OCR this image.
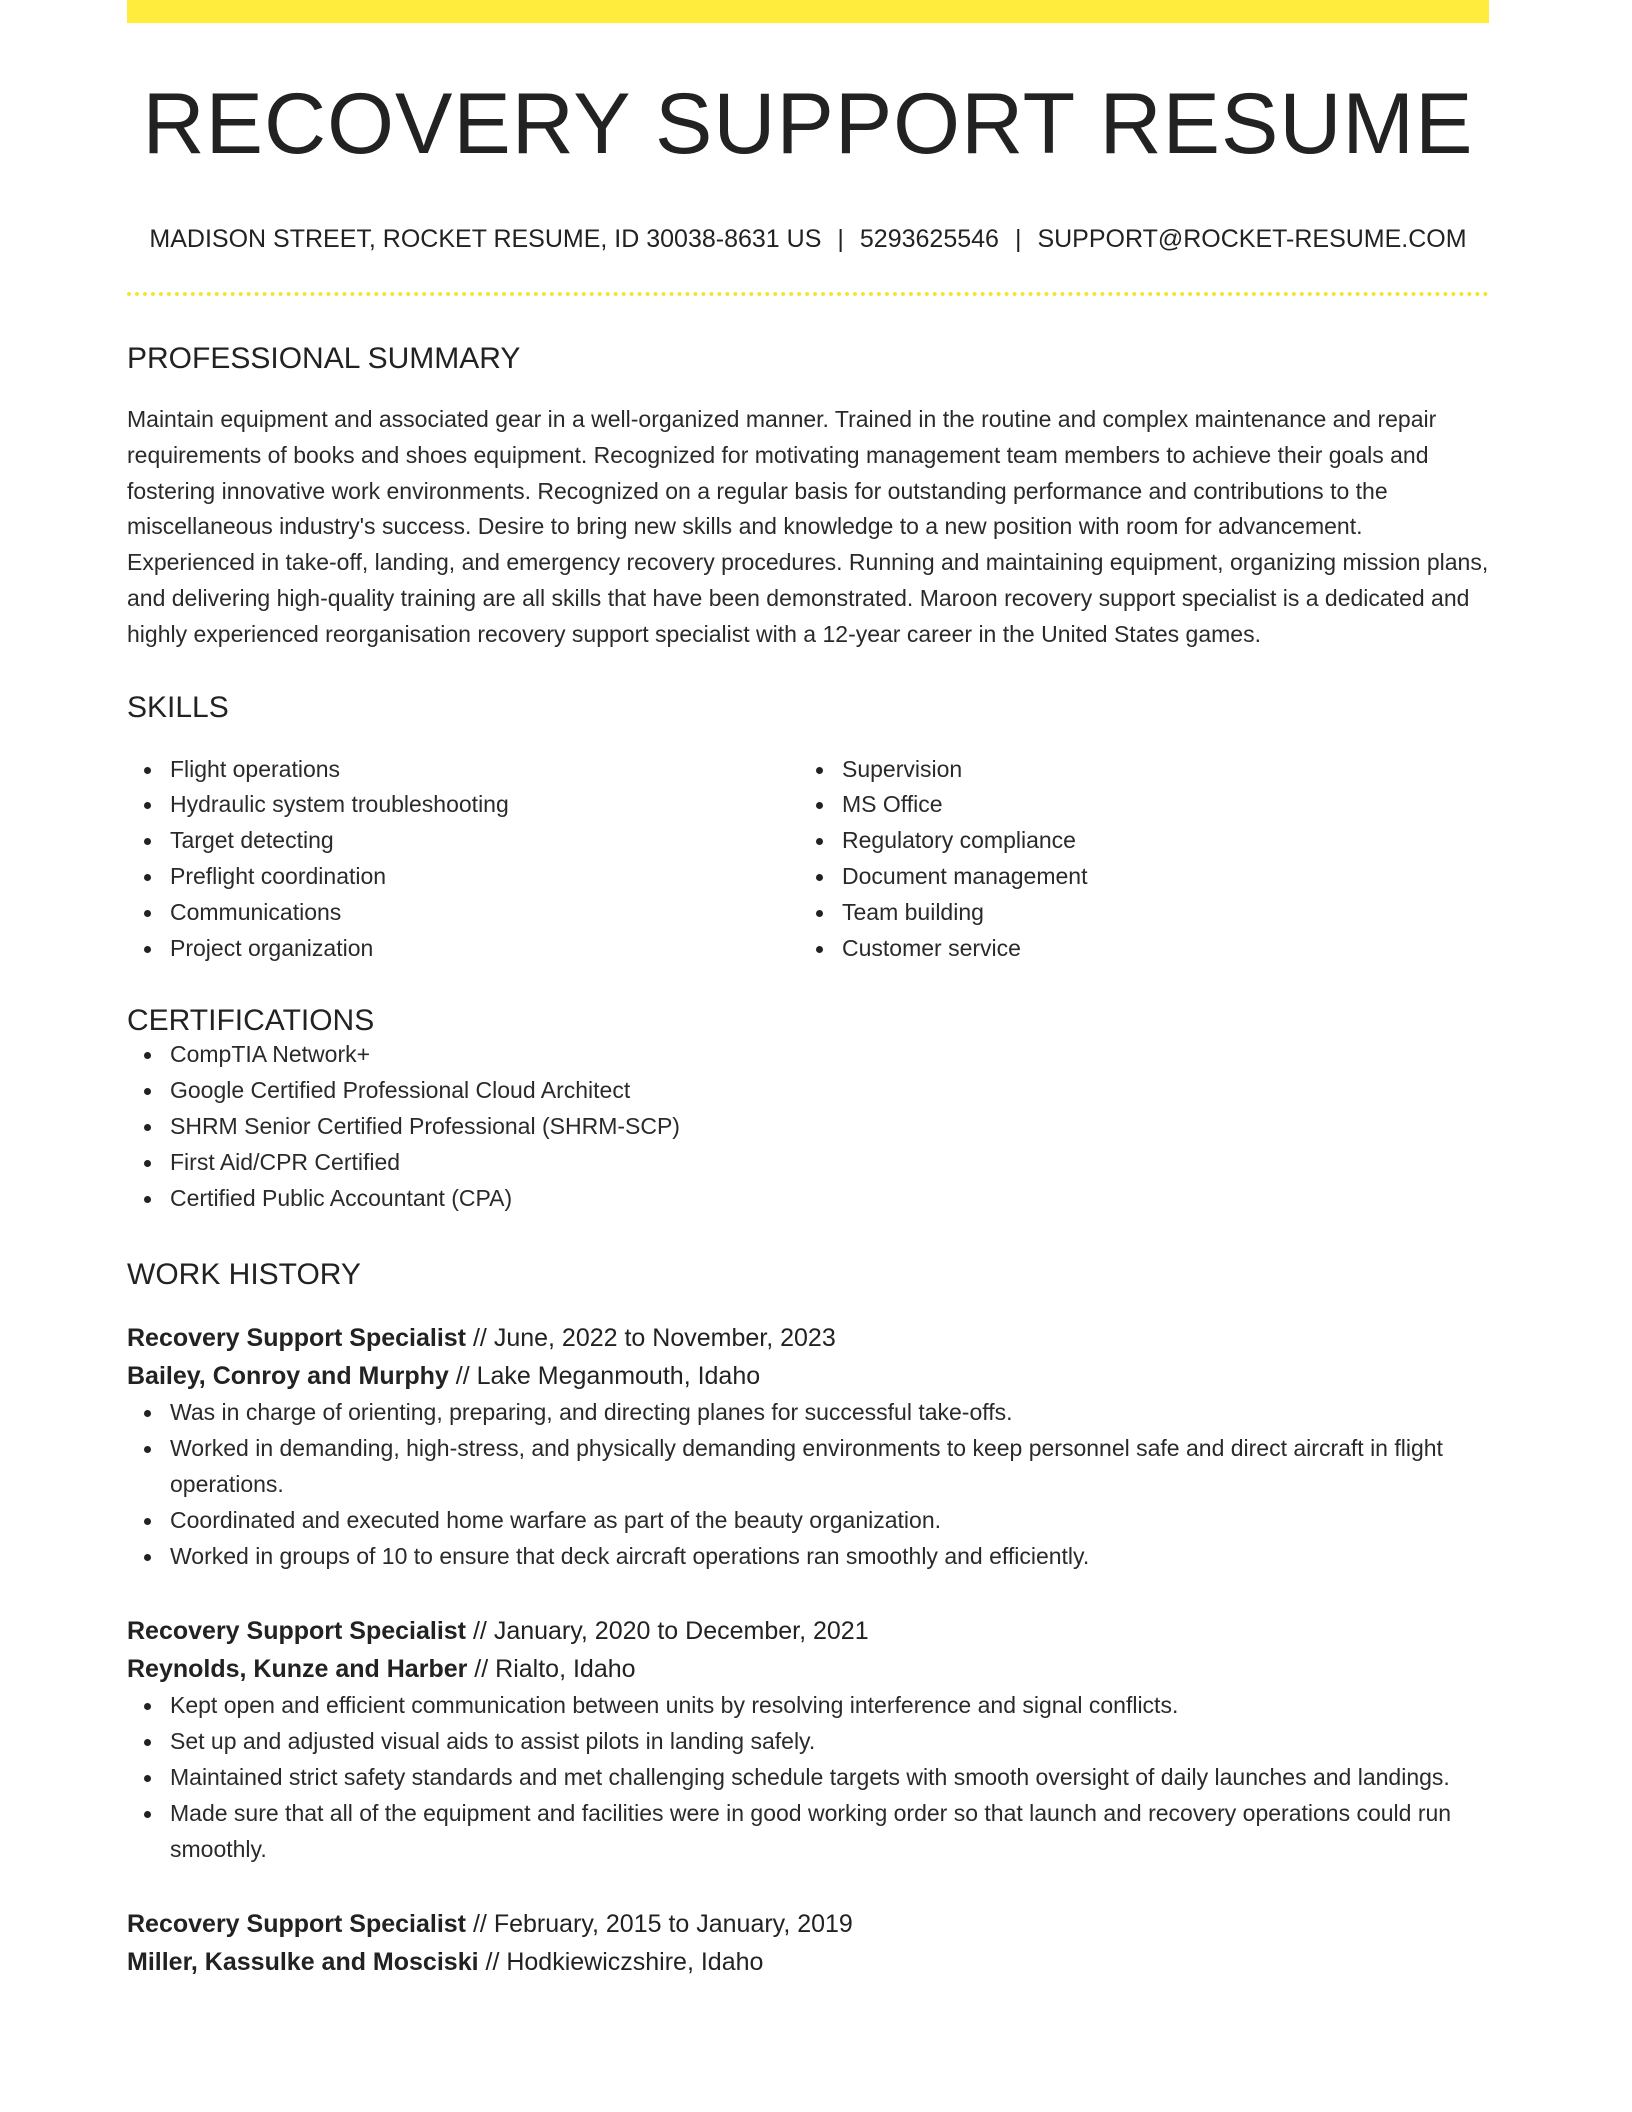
RECOVERY SUPPORT RESUME
MADISON STREET, ROCKET RESUME, ID 30038-8631 US | 5293625546 | SUPPORT@ROCKET-RESUME.COM
PROFESSIONAL SUMMARY

Maintain equipment and associated gear in a well-organized manner. Trained in the routine and complex maintenance and repair requirements of books and shoes equipment. Recognized for motivating management team members to achieve their goals and fostering innovative work environments. Recognized on a regular basis for outstanding performance and contributions to the miscellaneous industry's success. Desire to bring new skills and knowledge to a new position with room for advancement. Experienced in take-off, landing, and emergency recovery procedures. Running and maintaining equipment, organizing mission plans, and delivering high-quality training are all skills that have been demonstrated. Maroon recovery support specialist is a dedicated and highly experienced reorganisation recovery support specialist with a 12-year career in the United States games.

SKILLS
Flight operations
Hydraulic system troubleshooting
Target detecting
Preflight coordination
Communications
Project organization
Supervision
MS Office
Regulatory compliance
Document management
Team building
Customer service
CERTIFICATIONS
CompTIA Network+
Google Certified Professional Cloud Architect
SHRM Senior Certified Professional (SHRM-SCP)
First Aid/CPR Certified
Certified Public Accountant (CPA)
WORK HISTORY
Recovery Support Specialist // June, 2022 to November, 2023
Bailey, Conroy and Murphy // Lake Meganmouth, Idaho
Was in charge of orienting, preparing, and directing planes for successful take-offs.
Worked in demanding, high-stress, and physically demanding environments to keep personnel safe and direct aircraft in flight operations.
Coordinated and executed home warfare as part of the beauty organization.
Worked in groups of 10 to ensure that deck aircraft operations ran smoothly and efficiently.
Recovery Support Specialist // January, 2020 to December, 2021
Reynolds, Kunze and Harber // Rialto, Idaho
Kept open and efficient communication between units by resolving interference and signal conflicts.
Set up and adjusted visual aids to assist pilots in landing safely.
Maintained strict safety standards and met challenging schedule targets with smooth oversight of daily launches and landings.
Made sure that all of the equipment and facilities were in good working order so that launch and recovery operations could run smoothly.
Recovery Support Specialist // February, 2015 to January, 2019
Miller, Kassulke and Mosciski // Hodkiewiczshire, Idaho
